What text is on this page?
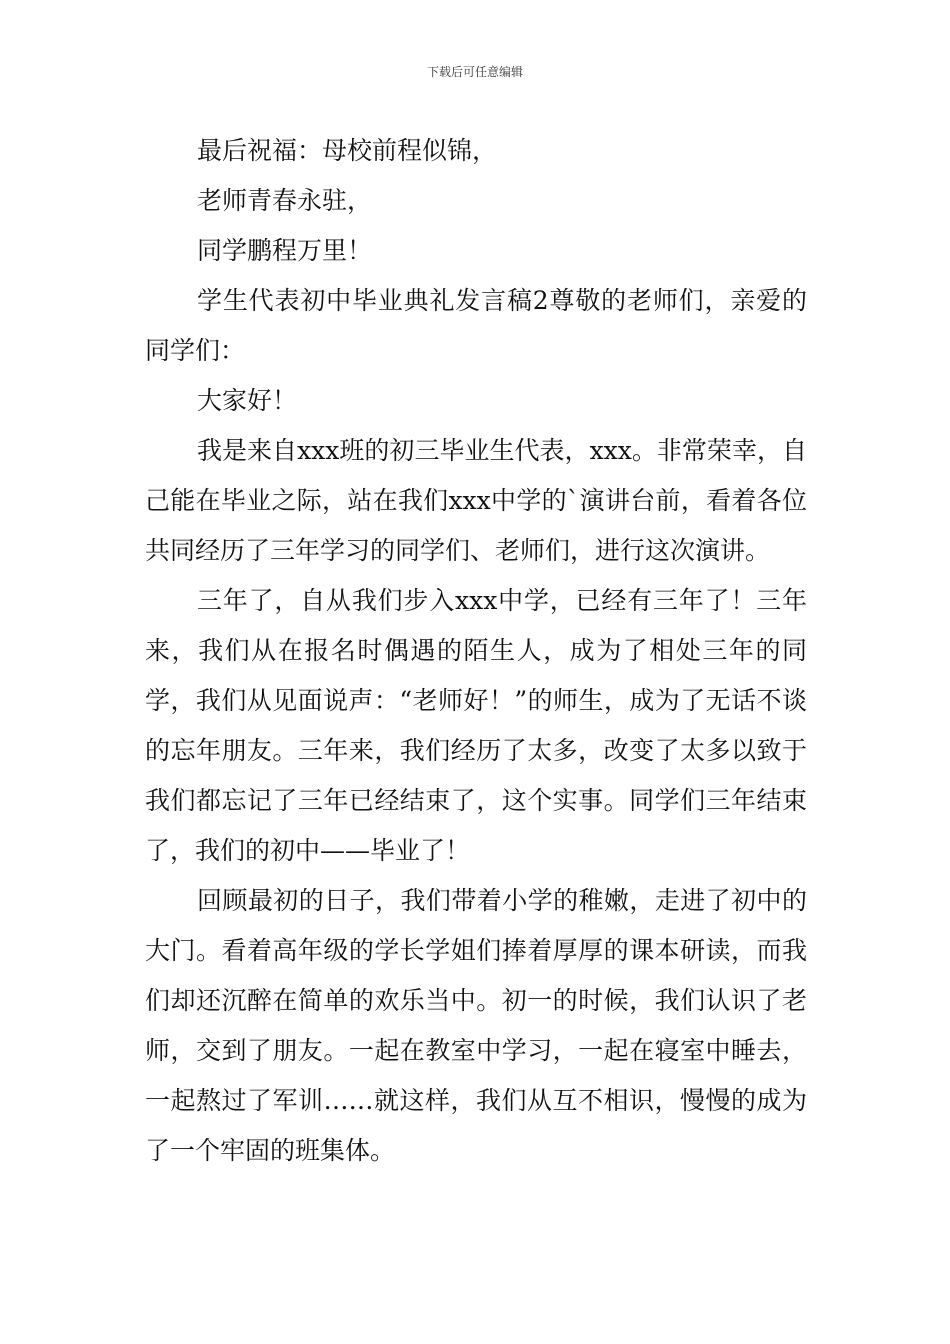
下载后可任意编辑

最后祝福：母校前程似锦，

老师青春永驻，

同学鹏程万里！

学生代表初中毕业典礼发言稿2尊敬的老师们，亲爱的同学们：

大家好！

我是来自xxx班的初三毕业生代表，xxx。非常荣幸，自己能在毕业之际，站在我们xxx中学的`演讲台前，看着各位共同经历了三年学习的同学们、老师们，进行这次演讲。

三年了，自从我们步入xxx中学，已经有三年了！三年来，我们从在报名时偶遇的陌生人，成为了相处三年的同学，我们从见面说声：“老师好！”的师生，成为了无话不谈的忘年朋友。三年来，我们经历了太多，改变了太多以致于我们都忘记了三年已经结束了，这个实事。同学们三年结束了，我们的初中——毕业了！

回顾最初的日子，我们带着小学的稚嫩，走进了初中的大门。看着高年级的学长学姐们捧着厚厚的课本研读，而我们却还沉醉在简单的欢乐当中。初一的时候，我们认识了老师，交到了朋友。一起在教室中学习，一起在寝室中睡去，一起熬过了军训……就这样，我们从互不相识，慢慢的成为了一个牢固的班集体。
